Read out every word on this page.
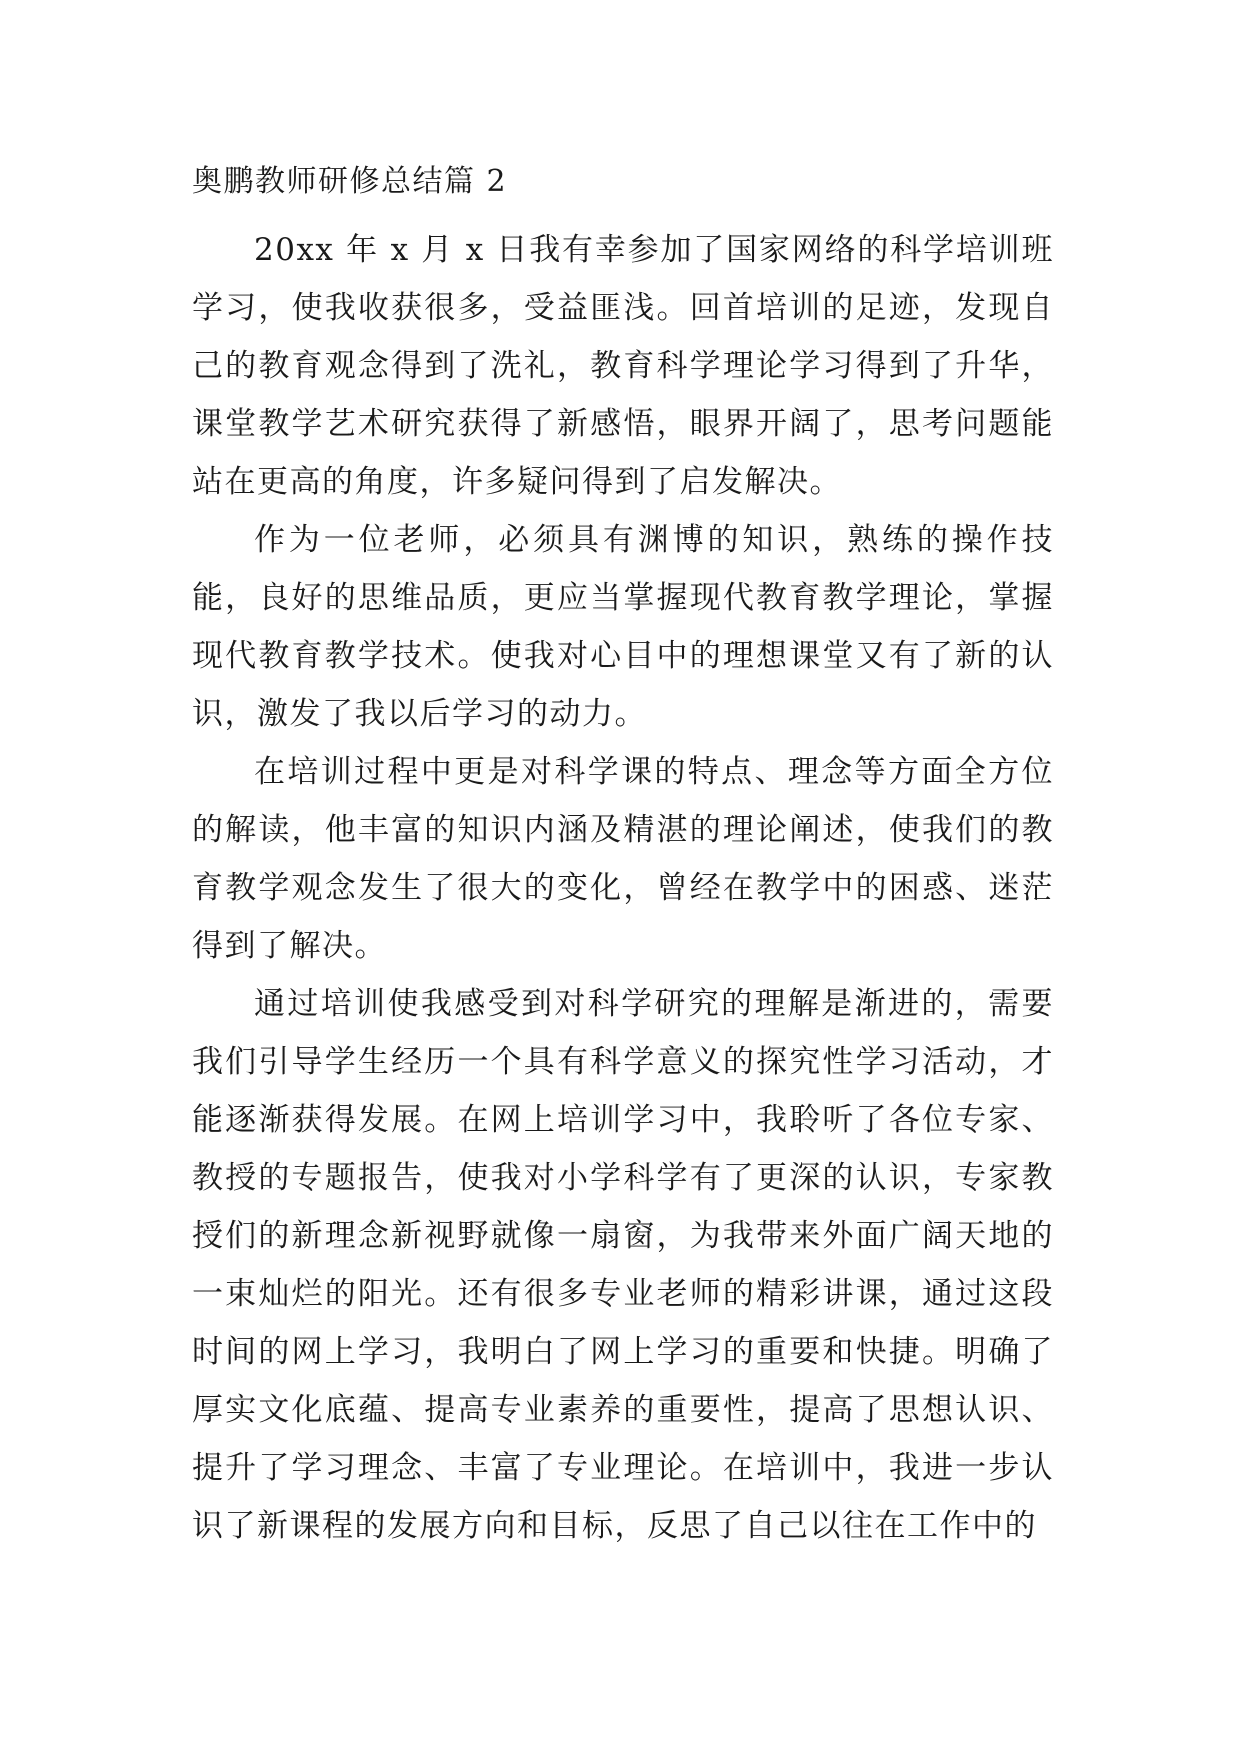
奥鹏教师研修总结篇 2

20xx 年 x 月 x 日我有幸参加了国家网络的科学培训班学习，使我收获很多，受益匪浅。回首培训的足迹，发现自己的教育观念得到了洗礼，教育科学理论学习得到了升华，课堂教学艺术研究获得了新感悟，眼界开阔了，思考问题能站在更高的角度，许多疑问得到了启发解决。

作为一位老师，必须具有渊博的知识，熟练的操作技能，良好的思维品质，更应当掌握现代教育教学理论，掌握现代教育教学技术。使我对心目中的理想课堂又有了新的认识，激发了我以后学习的动力。

在培训过程中更是对科学课的特点、理念等方面全方位的解读，他丰富的知识内涵及精湛的理论阐述，使我们的教育教学观念发生了很大的变化，曾经在教学中的困惑、迷茫得到了解决。

通过培训使我感受到对科学研究的理解是渐进的，需要我们引导学生经历一个具有科学意义的探究性学习活动，才能逐渐获得发展。在网上培训学习中，我聆听了各位专家、教授的专题报告，使我对小学科学有了更深的认识，专家教授们的新理念新视野就像一扇窗，为我带来外面广阔天地的一束灿烂的阳光。还有很多专业老师的精彩讲课，通过这段时间的网上学习，我明白了网上学习的重要和快捷。明确了厚实文化底蕴、提高专业素养的重要性，提高了思想认识、提升了学习理念、丰富了专业理论。在培训中，我进一步认识了新课程的发展方向和目标，反思了自己以往在工作中的
